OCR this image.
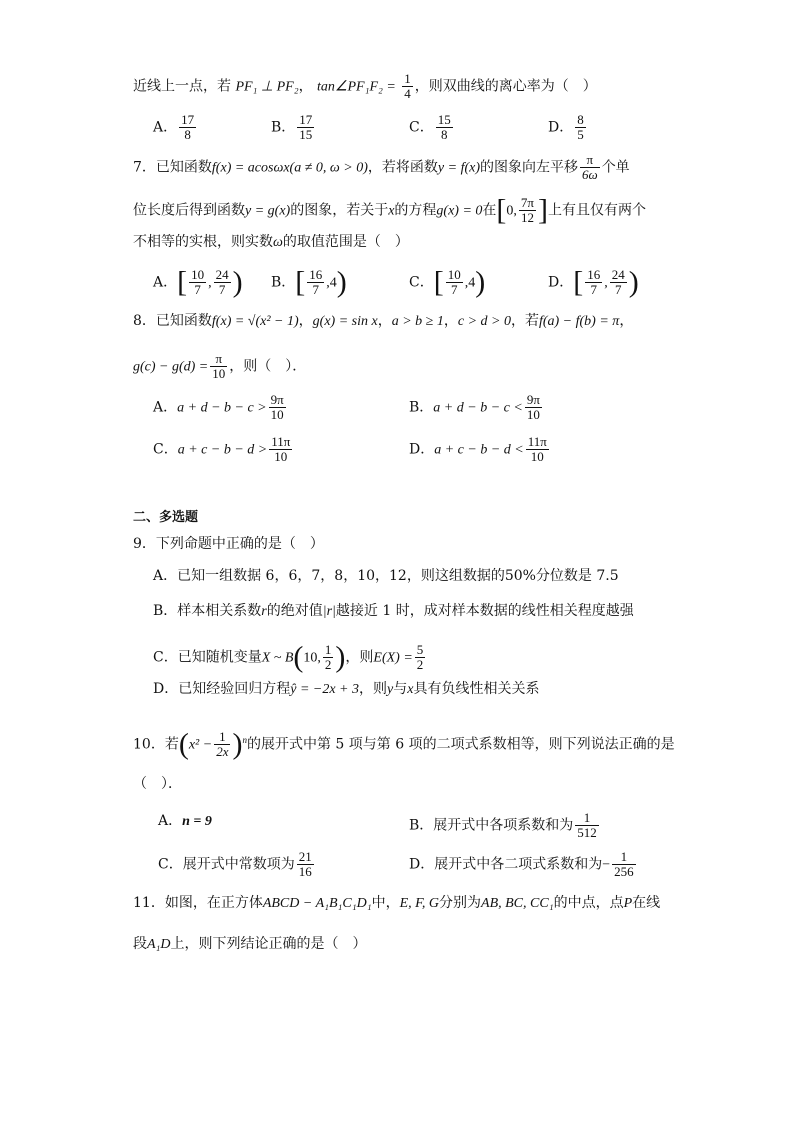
近线上一点，若 PF₁ ⊥ PF₂， tan∠PF₁F₂ = $\frac{1}{4}$ ，则双曲线的离心率为（　）
A． $\frac{17}{8}$	B． $\frac{17}{15}$	C． $\frac{15}{8}$	D． $\frac{8}{5}$
7．已知函数f(x) = acosωx(a ≠ 0, ω > 0)，若将函数y = f(x)的图象向左平移 $\frac{\pi}{6\omega}$ 个单
位长度后得到函数y = g(x)的图象，若关于x的方程g(x) = 0在[0, $\frac{7\pi}{12}$ ]上有且仅有两个
不相等的实根，则实数ω的取值范围是（　）
A．[ $\frac{10}{7}$ , $\frac{24}{7}$ ) B．[ $\frac{16}{7} ,4$)	C．[ $\frac{10}{7} ,4$)	D．[ $\frac{16}{7}$ , $\frac{24}{7}$ )
8．已知函数f(x) = √(x² − 1)，g(x) = sin x，a > b ≥ 1，c > d > 0，若f(a) − f(b) = π，
$g(c) - g(d) = \frac{\pi}{10}$ ，则（　）．
A．$a + d - b - c > \frac{9\pi}{10}$	B．$a + d - b - c < \frac{9\pi}{10}$
C．$a + c - b - d > \frac{11\pi}{10}$	D．$a + c - b - d < \frac{11\pi}{10}$
二、多选题
9．下列命题中正确的是（　）
A．已知一组数据 6，6，7，8，10，12，则这组数据的50%分位数是 7.5
B．样本相关系数r的绝对值|r|越接近 1 时，成对样本数据的线性相关程度越强
C．已知随机变量X ~ B(10, $\frac{1}{2}$ )，则$E(X) = \frac{5}{2}$
D．已知经验回归方程ŷ = −2x + 3，则y与x具有负线性相关关系
10．若$(x^2 - \frac{1}{2x} )^n$的展开式中第 5 项与第 6 项的二项式系数相等，则下列说法正确的是
（　）．
A．n = 9	B．展开式中各项系数和为 $\frac{1}{512}$
C．展开式中常数项为 $\frac{21}{16}$	D．展开式中各二项式系数和为− $\frac{1}{256}$
11．如图，在正方体ABCD − A₁B₁C₁D₁中，E, F, G分别为AB, BC, CC₁的中点，点P在线
段A₁D上，则下列结论正确的是（　）
